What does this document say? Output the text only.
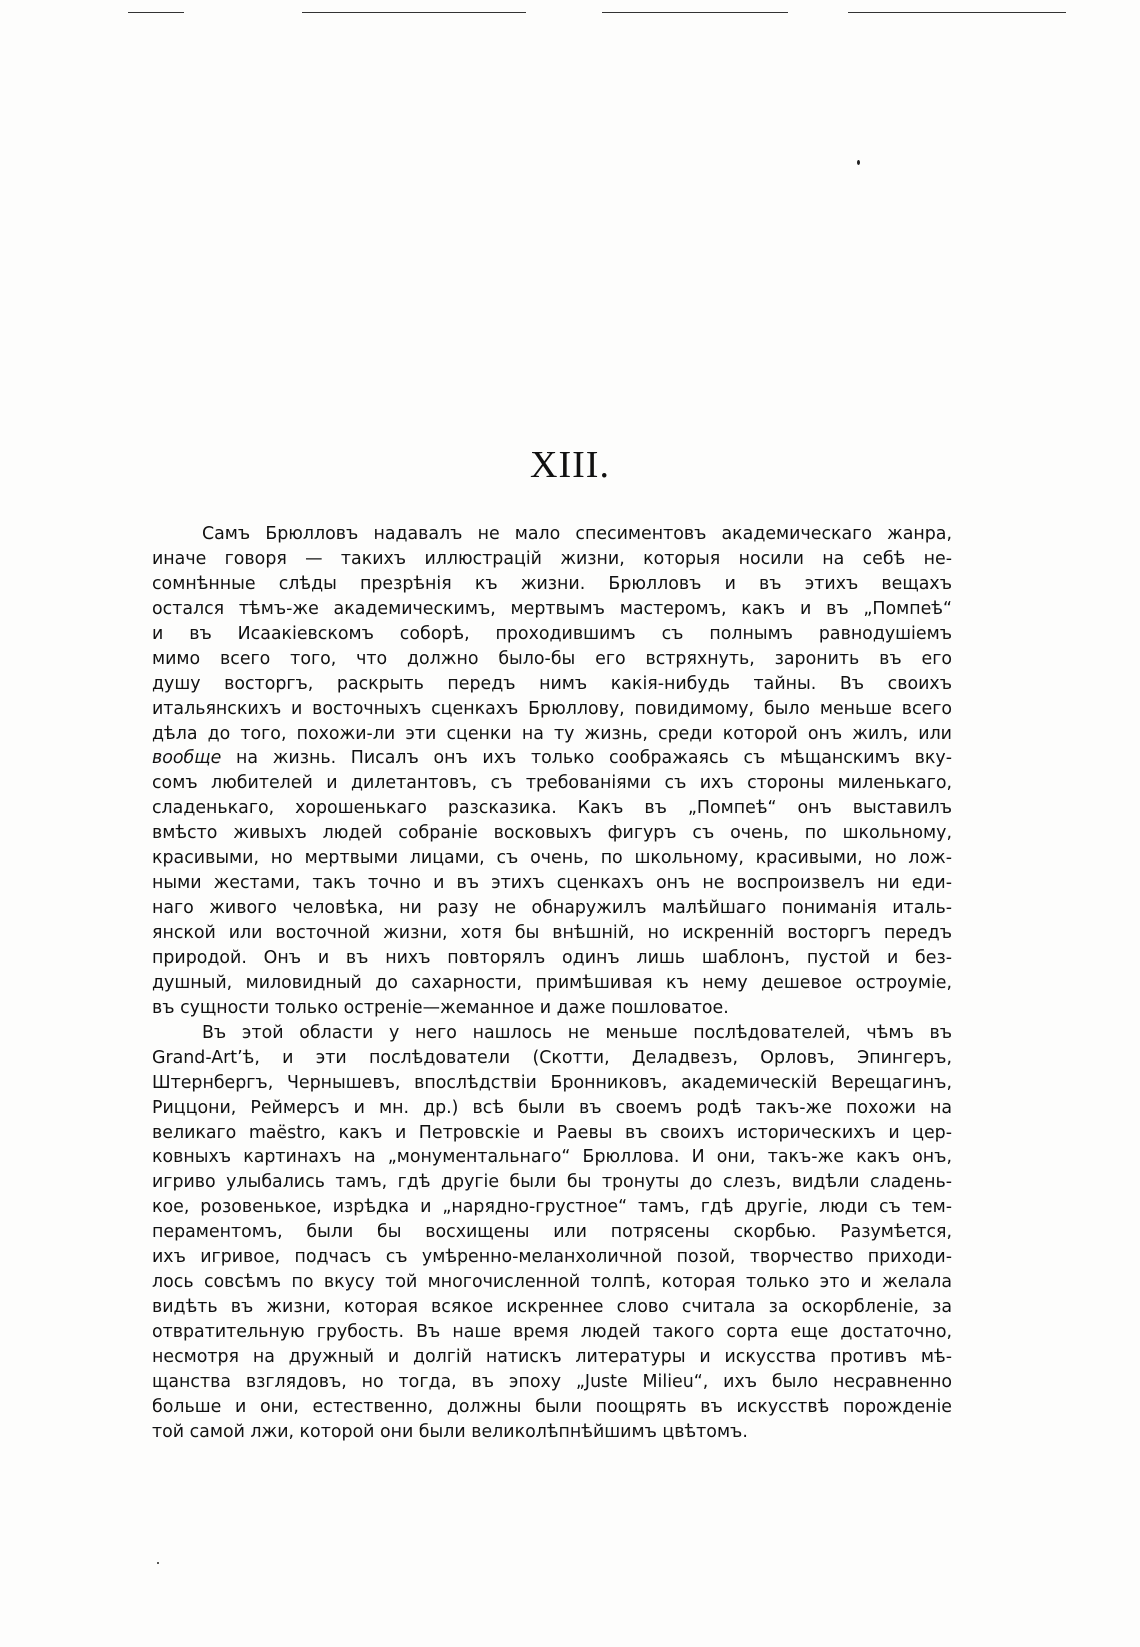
XIII.
Самъ Брюлловъ надавалъ не мало спесиментовъ академическаго жанра,
иначе говоря — такихъ иллюстрацій жизни, которыя носили на себѣ не-
сомнѣнные слѣды презрѣнія къ жизни. Брюлловъ и въ этихъ вещахъ
остался тѣмъ-же академическимъ, мертвымъ мастеромъ, какъ и въ „Помпеѣ“
и въ Исаакіевскомъ соборѣ, проходившимъ съ полнымъ равнодушіемъ
мимо всего того, что должно было-бы его встряхнуть, заронить въ его
душу восторгъ, раскрыть передъ нимъ какія-нибудь тайны. Въ своихъ
итальянскихъ и восточныхъ сценкахъ Брюллову, повидимому, было меньше всего
дѣла до того, похожи-ли эти сценки на ту жизнь, среди которой онъ жилъ, или
вообще на жизнь. Писалъ онъ ихъ только соображаясь съ мѣщанскимъ вку-
сомъ любителей и дилетантовъ, съ требованіями съ ихъ стороны миленькаго,
сладенькаго, хорошенькаго разсказика. Какъ въ „Помпеѣ“ онъ выставилъ
вмѣсто живыхъ людей собраніе восковыхъ фигуръ съ очень, по школьному,
красивыми, но мертвыми лицами, съ очень, по школьному, красивыми, но лож-
ными жестами, такъ точно и въ этихъ сценкахъ онъ не воспроизвелъ ни еди-
наго живого человѣка, ни разу не обнаружилъ малѣйшаго пониманія италь-
янской или восточной жизни, хотя бы внѣшній, но искренній восторгъ передъ
природой. Онъ и въ нихъ повторялъ одинъ лишь шаблонъ, пустой и без-
душный, миловидный до сахарности, примѣшивая къ нему дешевое остроуміе,
въ сущности только остреніе—жеманное и даже пошловатое.
Въ этой области у него нашлось не меньше послѣдователей, чѣмъ въ
Grand-Art’ѣ, и эти послѣдователи (Скотти, Деладвезъ, Орловъ, Эпингеръ,
Штернбергъ, Чернышевъ, впослѣдствіи Бронниковъ, академическій Верещагинъ,
Риццони, Реймерсъ и мн. др.) всѣ были въ своемъ родѣ такъ-же похожи на
великаго maëstro, какъ и Петровскіе и Раевы въ своихъ историческихъ и цер-
ковныхъ картинахъ на „монументальнаго“ Брюллова. И они, такъ-же какъ онъ,
игриво улыбались тамъ, гдѣ другіе были бы тронуты до слезъ, видѣли сладень-
кое, розовенькое, изрѣдка и „нарядно-грустное“ тамъ, гдѣ другіе, люди съ тем-
пераментомъ, были бы восхищены или потрясены скорбью. Разумѣется,
ихъ игривое, подчасъ съ умѣренно-меланхоличной позой, творчество приходи-
лось совсѣмъ по вкусу той многочисленной толпѣ, которая только это и желала
видѣть въ жизни, которая всякое искреннее слово считала за оскорбленіе, за
отвратительную грубость. Въ наше время людей такого сорта еще достаточно,
несмотря на дружный и долгій натискъ литературы и искусства противъ мѣ-
щанства взглядовъ, но тогда, въ эпоху „Juste Milieu“, ихъ было несравненно
больше и они, естественно, должны были поощрять въ искусствѣ порожденіе
той самой лжи, которой они были великолѣпнѣйшимъ цвѣтомъ.
